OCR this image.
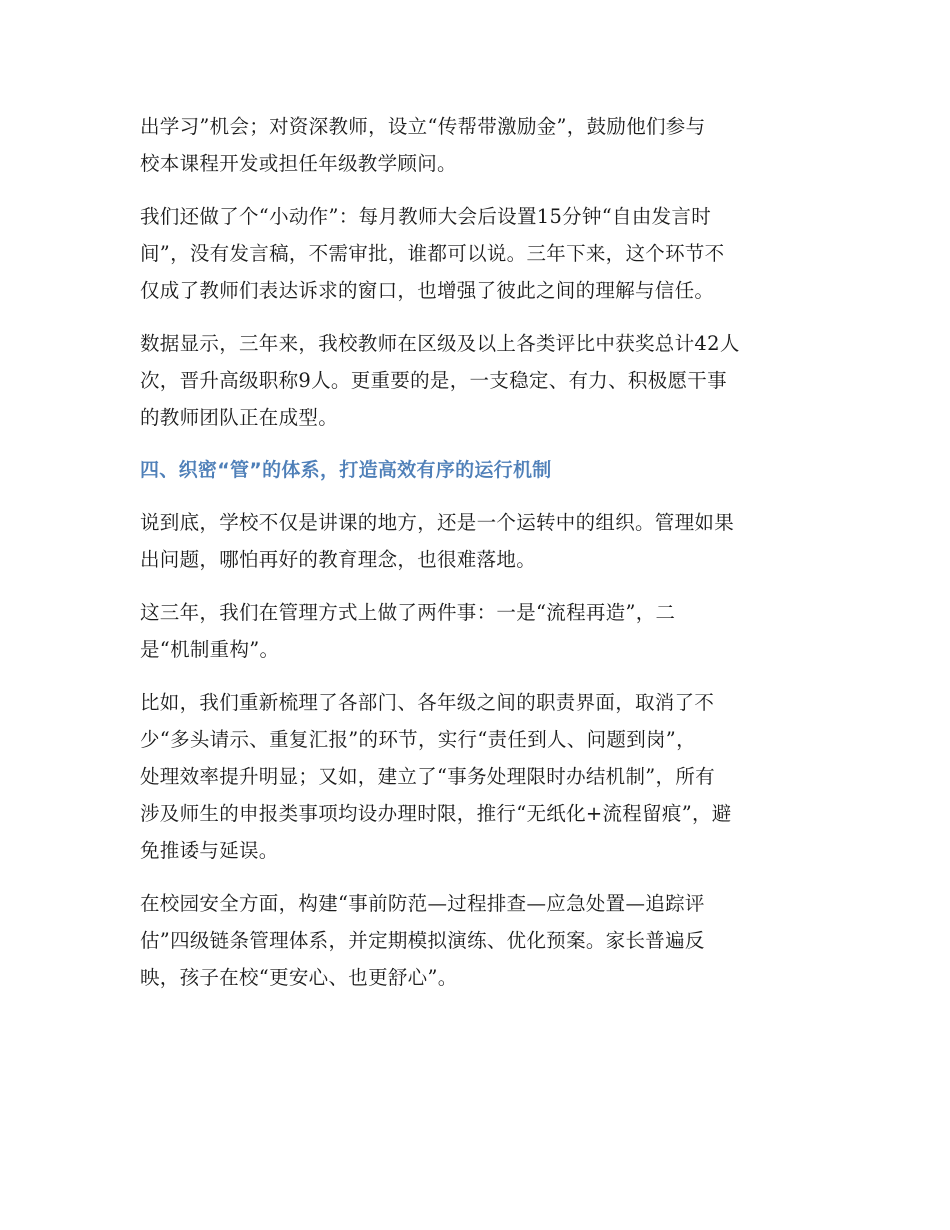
出学习”机会；对资深教师，设立“传帮带激励金”，鼓励他们参与
校本课程开发或担任年级教学顾问。
我们还做了个“小动作”：每月教师大会后设置15分钟“自由发言时
间”，没有发言稿，不需审批，谁都可以说。三年下来，这个环节不
仅成了教师们表达诉求的窗口，也增强了彼此之间的理解与信任。
数据显示，三年来，我校教师在区级及以上各类评比中获奖总计42人
次，晋升高级职称9人。更重要的是，一支稳定、有力、积极愿干事
的教师团队正在成型。
四、织密“管”的体系，打造高效有序的运行机制
说到底，学校不仅是讲课的地方，还是一个运转中的组织。管理如果
出问题，哪怕再好的教育理念，也很难落地。
这三年，我们在管理方式上做了两件事：一是“流程再造”，二
是“机制重构”。
比如，我们重新梳理了各部门、各年级之间的职责界面，取消了不
少“多头请示、重复汇报”的环节，实行“责任到人、问题到岗”，
处理效率提升明显；又如，建立了“事务处理限时办结机制”，所有
涉及师生的申报类事项均设办理时限，推行“无纸化+流程留痕”，避
免推诿与延误。
在校园安全方面，构建“事前防范—过程排查—应急处置—追踪评
估”四级链条管理体系，并定期模拟演练、优化预案。家长普遍反
映，孩子在校“更安心、也更舒心”。
